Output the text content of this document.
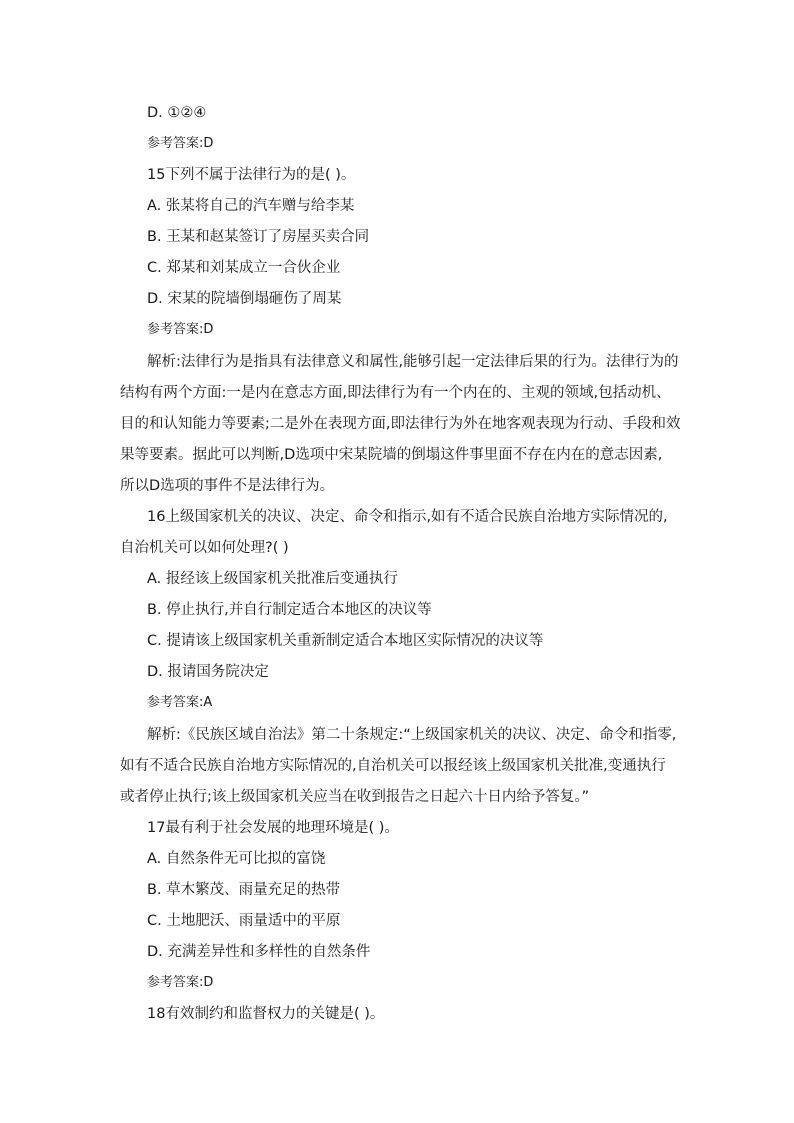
D. ①②④
参考答案:D
15下列不属于法律行为的是( )。
A. 张某将自己的汽车赠与给李某
B. 王某和赵某签订了房屋买卖合同
C. 郑某和刘某成立一合伙企业
D. 宋某的院墙倒塌砸伤了周某
参考答案:D
解析:法律行为是指具有法律意义和属性,能够引起一定法律后果的行为。法律行为的
结构有两个方面:一是内在意志方面,即法律行为有一个内在的、主观的领域,包括动机、
目的和认知能力等要素;二是外在表现方面,即法律行为外在地客观表现为行动、手段和效
果等要素。据此可以判断,D选项中宋某院墙的倒塌这件事里面不存在内在的意志因素,
所以D选项的事件不是法律行为。
16上级国家机关的决议、决定、命令和指示,如有不适合民族自治地方实际情况的,
自治机关可以如何处理?( )
A. 报经该上级国家机关批准后变通执行
B. 停止执行,并自行制定适合本地区的决议等
C. 提请该上级国家机关重新制定适合本地区实际情况的决议等
D. 报请国务院决定
参考答案:A
解析:《民族区域自治法》第二十条规定:“上级国家机关的决议、决定、命令和指零,
如有不适合民族自治地方实际情况的,自治机关可以报经该上级国家机关批准,变通执行
或者停止执行;该上级国家机关应当在收到报告之日起六十日内给予答复。”
17最有利于社会发展的地理环境是( )。
A. 自然条件无可比拟的富饶
B. 草木繁茂、雨量充足的热带
C. 土地肥沃、雨量适中的平原
D. 充满差异性和多样性的自然条件
参考答案:D
18有效制约和监督权力的关键是( )。
